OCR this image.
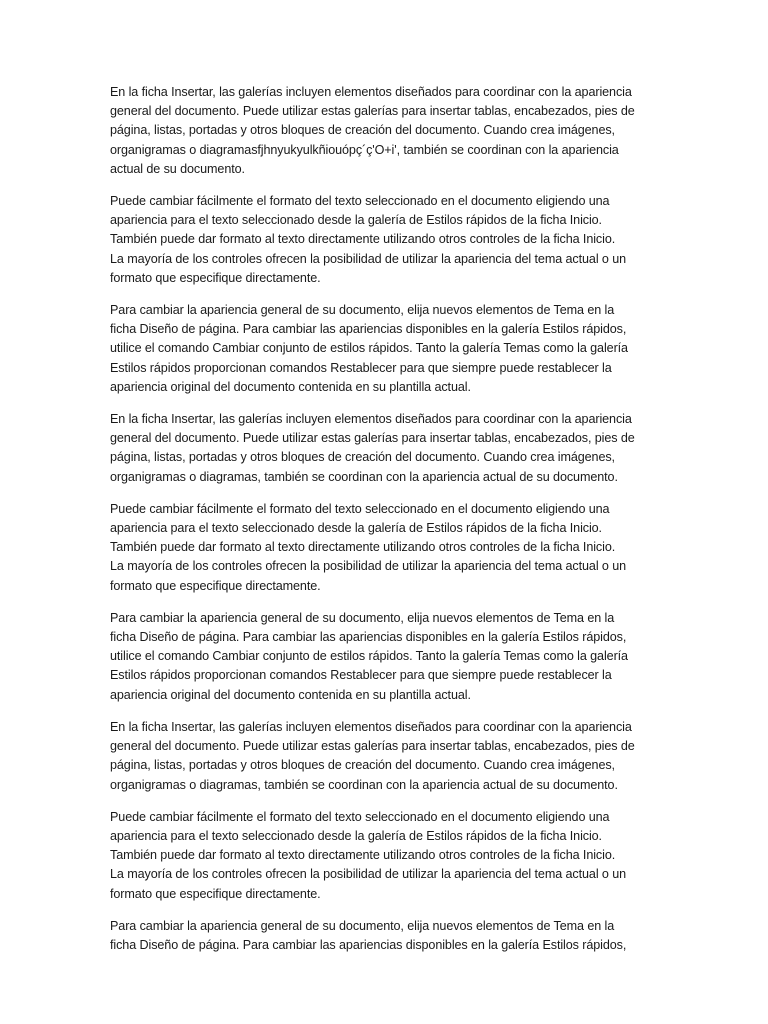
En la ficha Insertar, las galerías incluyen elementos diseñados para coordinar con la apariencia
general del documento. Puede utilizar estas galerías para insertar tablas, encabezados, pies de
página, listas, portadas y otros bloques de creación del documento. Cuando crea imágenes,
organigramas o diagramasfjhnyukyulkñiouópç´ç'O+i', también se coordinan con la apariencia
actual de su documento.

Puede cambiar fácilmente el formato del texto seleccionado en el documento eligiendo una
apariencia para el texto seleccionado desde la galería de Estilos rápidos de la ficha Inicio.
También puede dar formato al texto directamente utilizando otros controles de la ficha Inicio.
La mayoría de los controles ofrecen la posibilidad de utilizar la apariencia del tema actual o un
formato que especifique directamente.

Para cambiar la apariencia general de su documento, elija nuevos elementos de Tema en la
ficha Diseño de página. Para cambiar las apariencias disponibles en la galería Estilos rápidos,
utilice el comando Cambiar conjunto de estilos rápidos. Tanto la galería Temas como la galería
Estilos rápidos proporcionan comandos Restablecer para que siempre puede restablecer la
apariencia original del documento contenida en su plantilla actual.

En la ficha Insertar, las galerías incluyen elementos diseñados para coordinar con la apariencia
general del documento. Puede utilizar estas galerías para insertar tablas, encabezados, pies de
página, listas, portadas y otros bloques de creación del documento. Cuando crea imágenes,
organigramas o diagramas, también se coordinan con la apariencia actual de su documento.

Puede cambiar fácilmente el formato del texto seleccionado en el documento eligiendo una
apariencia para el texto seleccionado desde la galería de Estilos rápidos de la ficha Inicio.
También puede dar formato al texto directamente utilizando otros controles de la ficha Inicio.
La mayoría de los controles ofrecen la posibilidad de utilizar la apariencia del tema actual o un
formato que especifique directamente.

Para cambiar la apariencia general de su documento, elija nuevos elementos de Tema en la
ficha Diseño de página. Para cambiar las apariencias disponibles en la galería Estilos rápidos,
utilice el comando Cambiar conjunto de estilos rápidos. Tanto la galería Temas como la galería
Estilos rápidos proporcionan comandos Restablecer para que siempre puede restablecer la
apariencia original del documento contenida en su plantilla actual.

En la ficha Insertar, las galerías incluyen elementos diseñados para coordinar con la apariencia
general del documento. Puede utilizar estas galerías para insertar tablas, encabezados, pies de
página, listas, portadas y otros bloques de creación del documento. Cuando crea imágenes,
organigramas o diagramas, también se coordinan con la apariencia actual de su documento.

Puede cambiar fácilmente el formato del texto seleccionado en el documento eligiendo una
apariencia para el texto seleccionado desde la galería de Estilos rápidos de la ficha Inicio.
También puede dar formato al texto directamente utilizando otros controles de la ficha Inicio.
La mayoría de los controles ofrecen la posibilidad de utilizar la apariencia del tema actual o un
formato que especifique directamente.

Para cambiar la apariencia general de su documento, elija nuevos elementos de Tema en la
ficha Diseño de página. Para cambiar las apariencias disponibles en la galería Estilos rápidos,
